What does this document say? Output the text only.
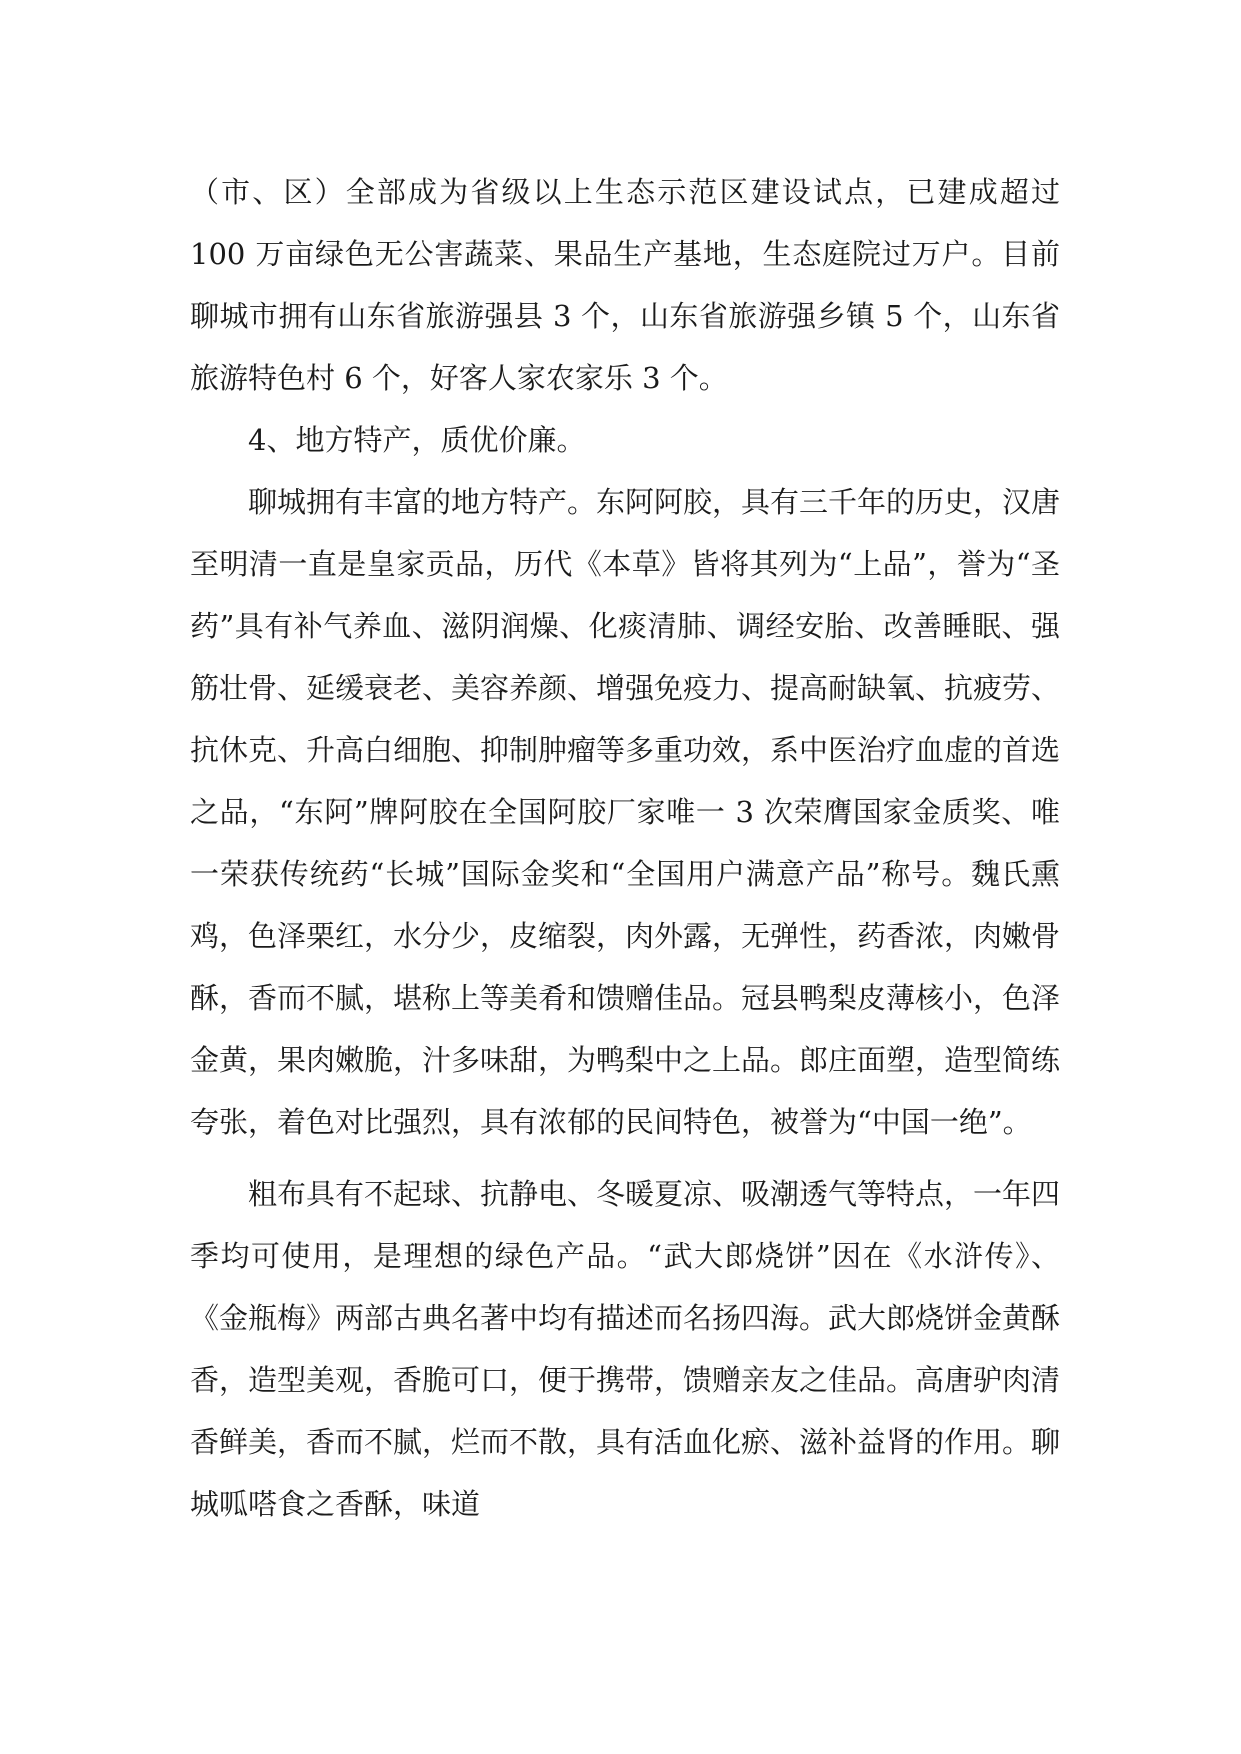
（市、区）全部成为省级以上生态示范区建设试点，已建成超过 100 万亩绿色无公害蔬菜、果品生产基地，生态庭院过万户。目前聊城市拥有山东省旅游强县 3 个，山东省旅游强乡镇 5 个，山东省旅游特色村 6 个，好客人家农家乐 3 个。

4、地方特产，质优价廉。

聊城拥有丰富的地方特产。东阿阿胶，具有三千年的历史，汉唐至明清一直是皇家贡品，历代《本草》皆将其列为“上品”，誉为“圣药”具有补气养血、滋阴润燥、化痰清肺、调经安胎、改善睡眠、强筋壮骨、延缓衰老、美容养颜、增强免疫力、提高耐缺氧、抗疲劳、抗休克、升高白细胞、抑制肿瘤等多重功效，系中医治疗血虚的首选之品，“东阿”牌阿胶在全国阿胶厂家唯一 3 次荣膺国家金质奖、唯一荣获传统药“长城”国际金奖和“全国用户满意产品”称号。魏氏熏鸡，色泽栗红，水分少，皮缩裂，肉外露，无弹性，药香浓，肉嫩骨酥，香而不腻，堪称上等美肴和馈赠佳品。冠县鸭梨皮薄核小，色泽金黄，果肉嫩脆，汁多味甜，为鸭梨中之上品。郎庄面塑，造型简练夸张，着色对比强烈，具有浓郁的民间特色，被誉为“中国一绝”。

粗布具有不起球、抗静电、冬暖夏凉、吸潮透气等特点，一年四季均可使用，是理想的绿色产品。“武大郎烧饼”因在《水浒传》、《金瓶梅》两部古典名著中均有描述而名扬四海。武大郎烧饼金黄酥香，造型美观，香脆可口，便于携带，馈赠亲友之佳品。高唐驴肉清香鲜美，香而不腻，烂而不散，具有活血化瘀、滋补益肾的作用。聊城呱嗒食之香酥，味道
